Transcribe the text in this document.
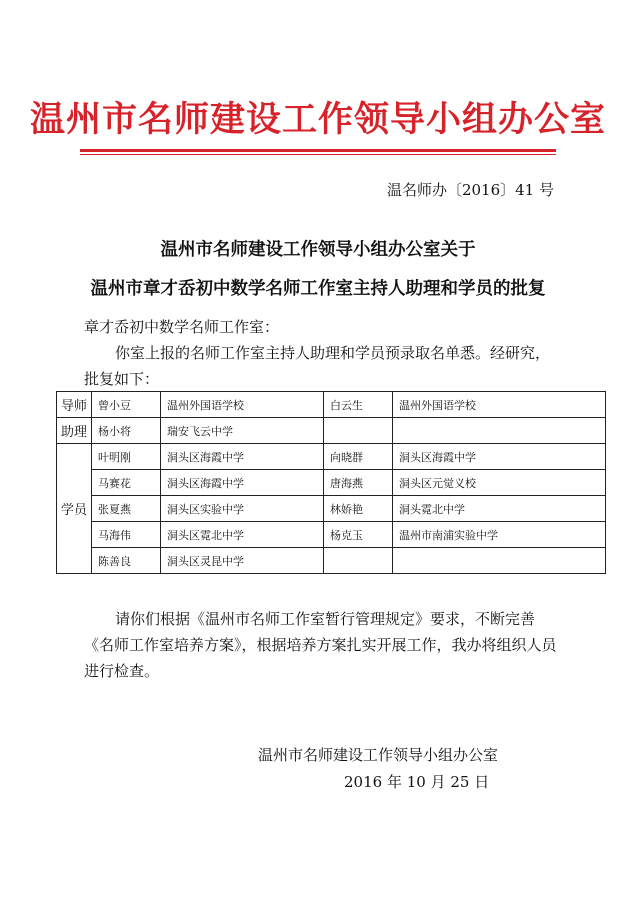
温州市名师建设工作领导小组办公室
温名师办〔2016〕41 号
温州市名师建设工作领导小组办公室关于
温州市章才岙初中数学名师工作室主持人助理和学员的批复
章才岙初中数学名师工作室：
你室上报的名师工作室主持人助理和学员预录取名单悉。经研究，批复如下：
导师	曾小豆	温州外国语学校	白云生	温州外国语学校
助理	杨小将	瑞安飞云中学		
学员	叶明刚	洞头区海霞中学	向晓群	洞头区海霞中学
	马赛花	洞头区海霞中学	唐海燕	洞头区元觉义校
	张夏燕	洞头区实验中学	林娇艳	洞头霓北中学
	马海伟	洞头区霓北中学	杨克玉	温州市南浦实验中学
	陈善良	洞头区灵昆中学		
请你们根据《温州市名师工作室暂行管理规定》要求，不断完善《名师工作室培养方案》，根据培养方案扎实开展工作，我办将组织人员进行检查。
温州市名师建设工作领导小组办公室
2016 年 10 月 25 日
